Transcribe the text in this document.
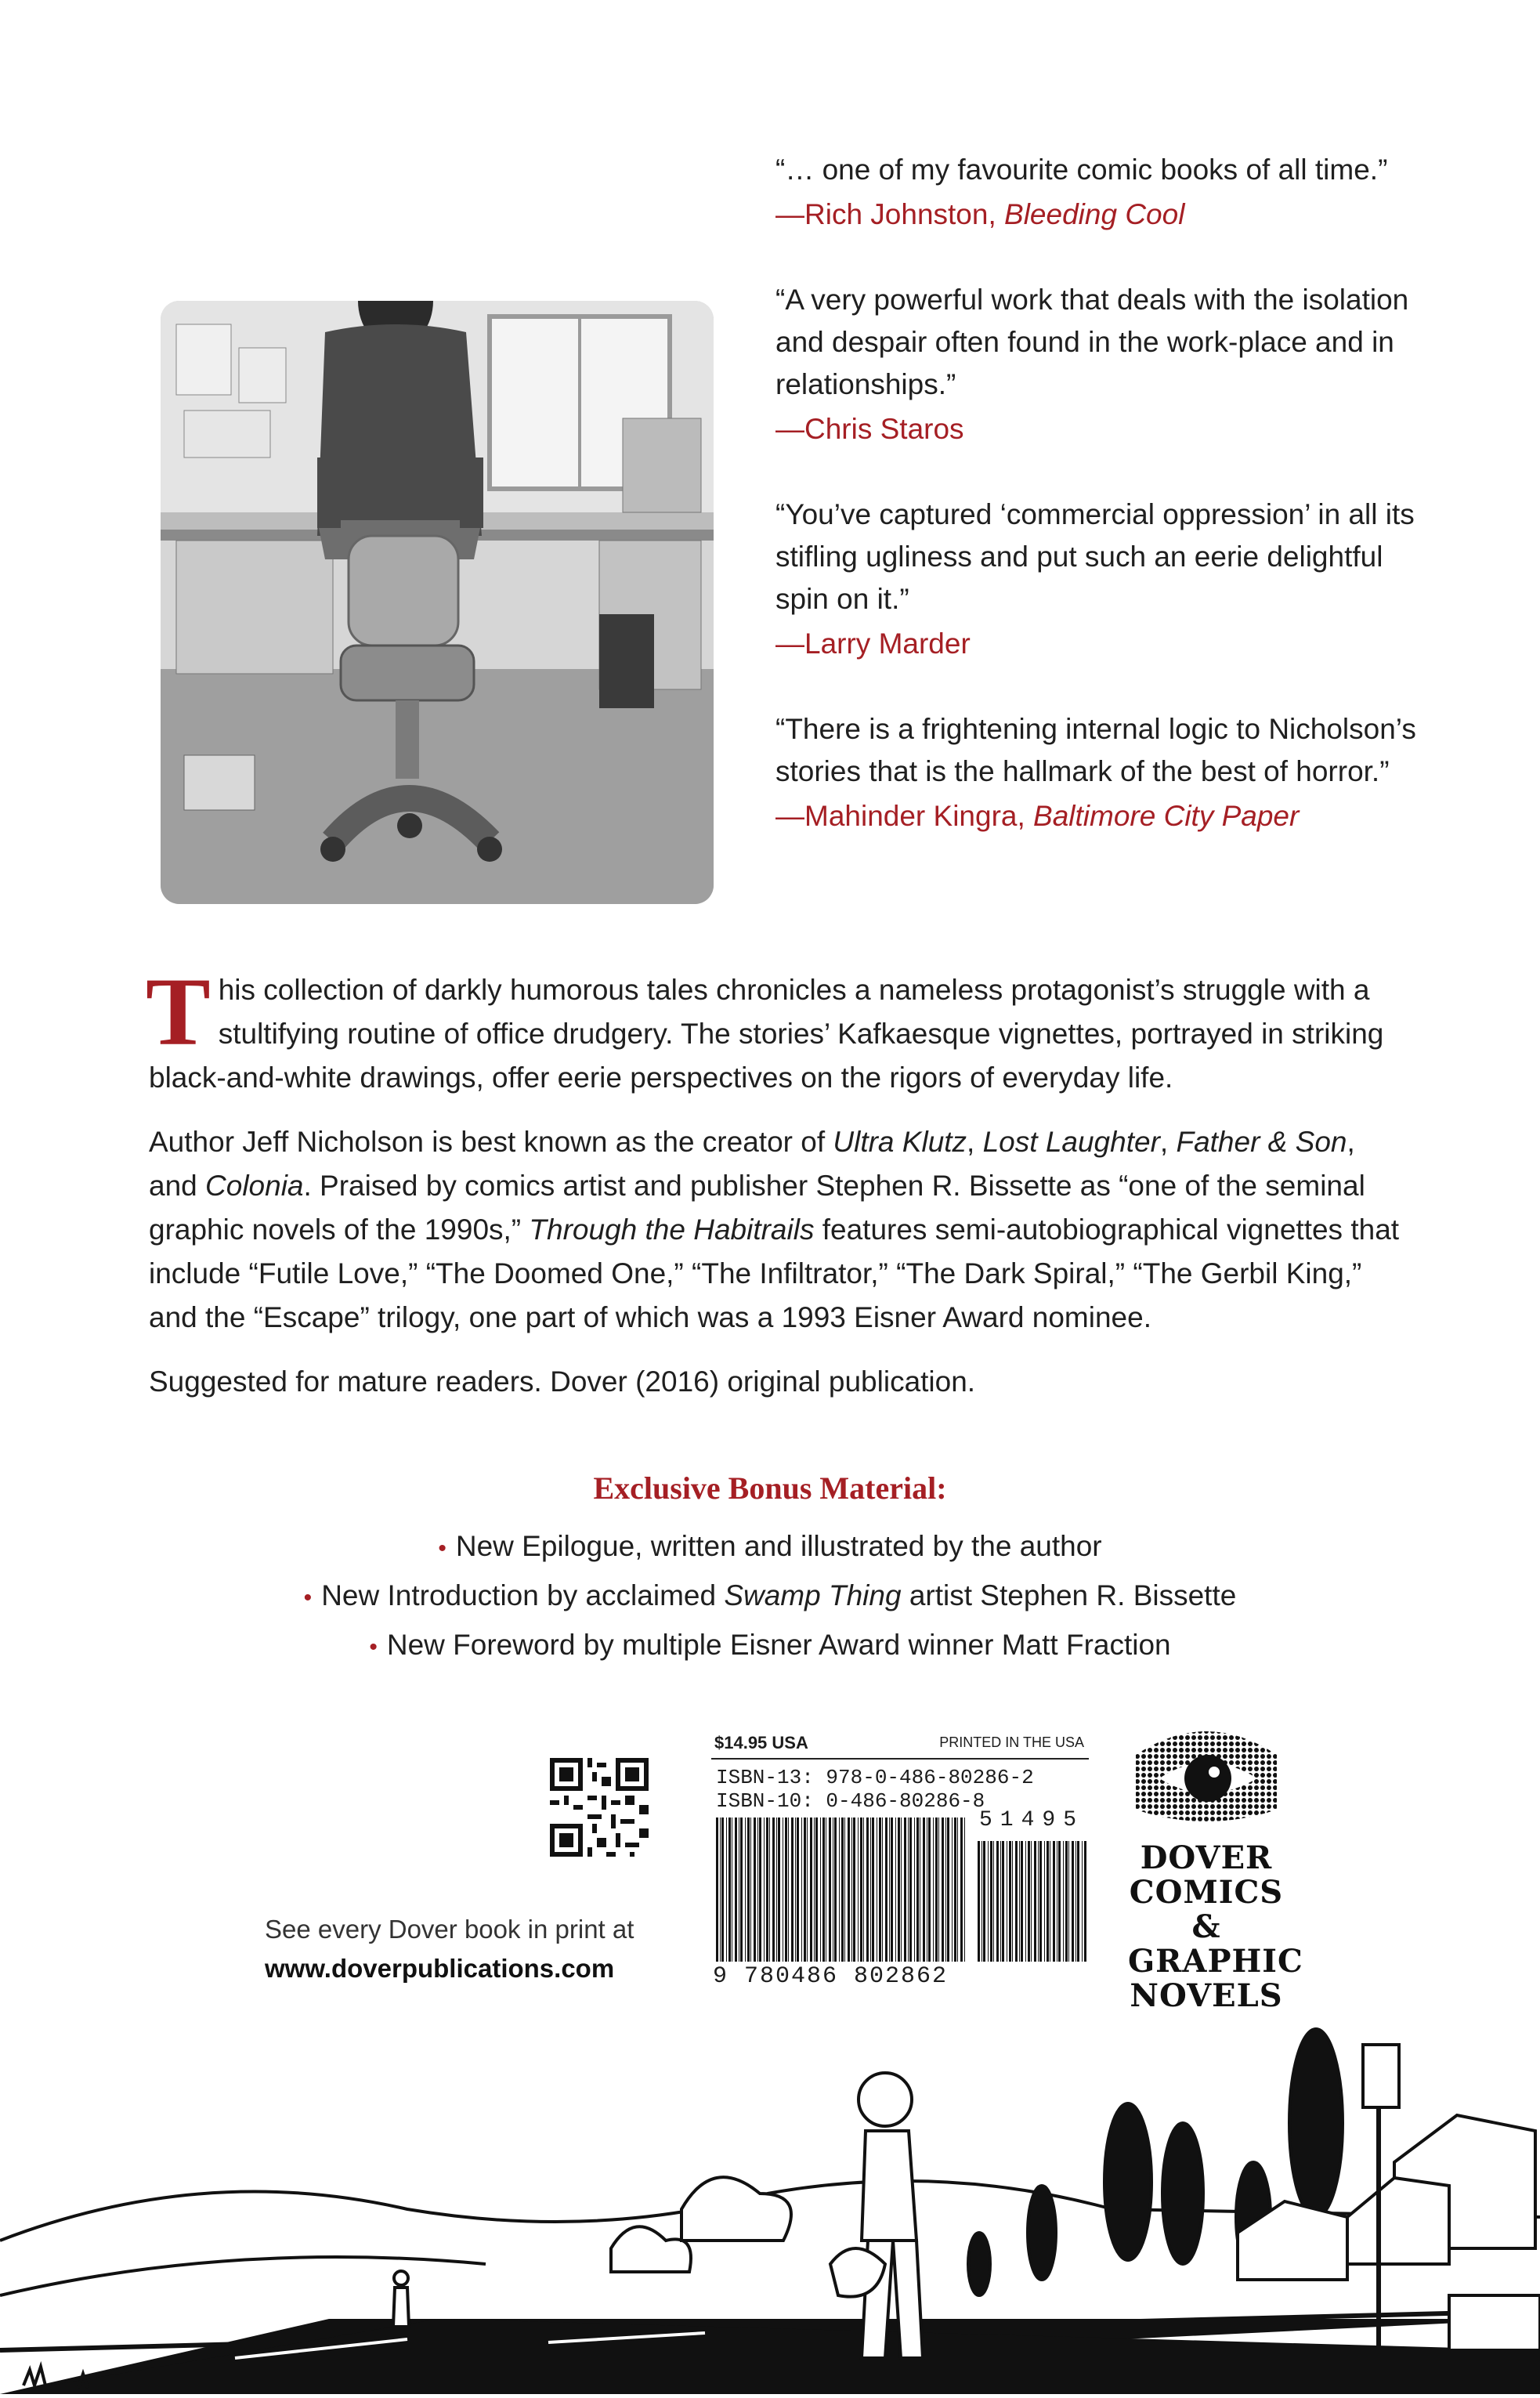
“… one of my favourite comic books of all time.”
—Rich Johnston, Bleeding Cool
“A very powerful work that deals with the isolation and despair often found in the work-place and in relationships.”
—Chris Staros
“You’ve captured ‘commercial oppression’ in all its stifling ugliness and put such an eerie delightful spin on it.”
—Larry Marder
“There is a frightening internal logic to Nicholson’s stories that is the hallmark of the best of horror.”
—Mahinder Kingra, Baltimore City Paper

This collection of darkly humorous tales chronicles a nameless protagonist’s struggle with a stultifying routine of office drudgery. The stories’ Kafkaesque vignettes, portrayed in striking black-and-white drawings, offer eerie perspectives on the rigors of everyday life.

Author Jeff Nicholson is best known as the creator of Ultra Klutz, Lost Laughter, Father & Son, and Colonia. Praised by comics artist and publisher Stephen R. Bissette as “one of the seminal graphic novels of the 1990s,” Through the Habitrails features semi-autobiographical vignettes that include “Futile Love,” “The Doomed One,” “The Infiltrator,” “The Dark Spiral,” “The Gerbil King,” and the “Escape” trilogy, one part of which was a 1993 Eisner Award nominee.

Suggested for mature readers. Dover (2016) original publication.

Exclusive Bonus Material:
• New Epilogue, written and illustrated by the author
• New Introduction by acclaimed Swamp Thing artist Stephen R. Bissette
• New Foreword by multiple Eisner Award winner Matt Fraction
See every Dover book in print at
www.doverpublications.com
$14.95 USA	PRINTED IN THE USA
ISBN-13: 978-0-486-80286-2
ISBN-10: 0-486-80286-8
51495
9 780486 802862
DOVER
COMICS &
GRAPHIC
NOVELS
